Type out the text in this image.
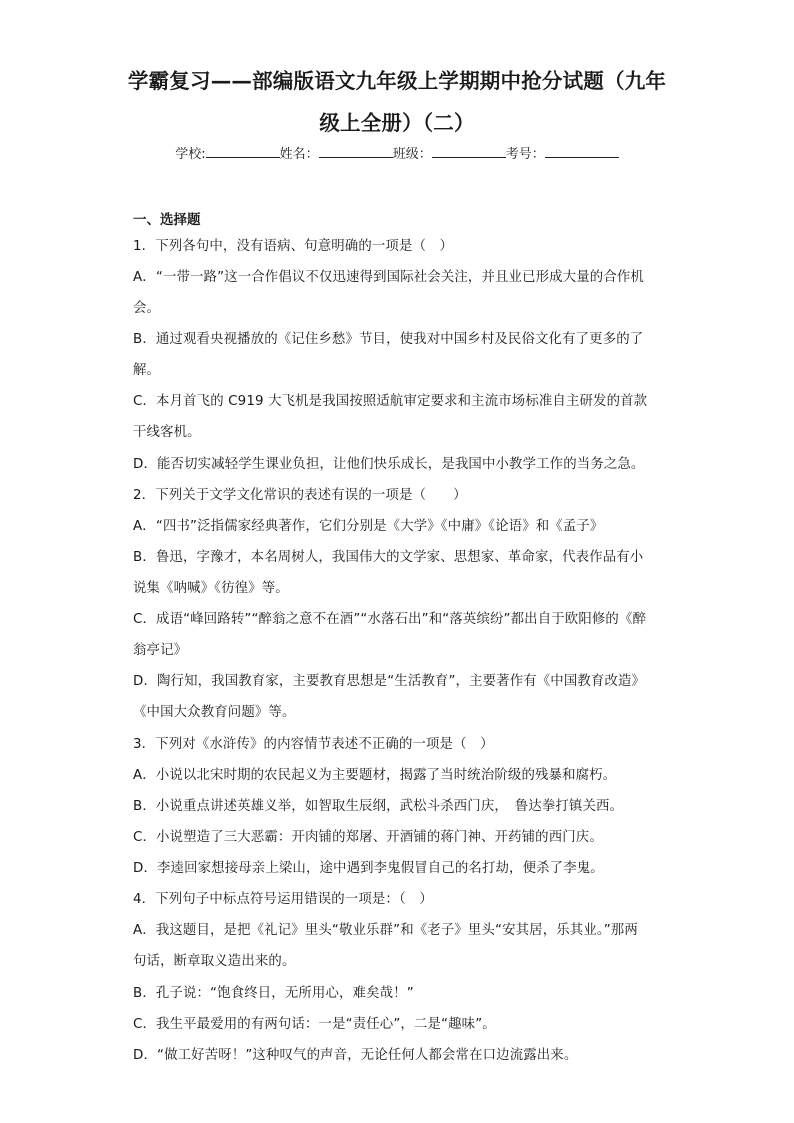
学霸复习——部编版语文九年级上学期期中抢分试题（九年
级上全册）（二）
学校:	姓名：	班级：	考号：
一、选择题
1．下列各句中，没有语病、句意明确的一项是（　）
A．“一带一路”这一合作倡议不仅迅速得到国际社会关注，并且业已形成大量的合作机
会。
B．通过观看央视播放的《记住乡愁》节目，使我对中国乡村及民俗文化有了更多的了
解。
C．本月首飞的 C919 大飞机是我国按照适航审定要求和主流市场标准自主研发的首款
干线客机。
D．能否切实减轻学生课业负担，让他们快乐成长，是我国中小教学工作的当务之急。
2．下列关于文学文化常识的表述有误的一项是（　　）
A．“四书”泛指儒家经典著作，它们分别是《大学》《中庸》《论语》和《孟子》
B．鲁迅，字豫才，本名周树人，我国伟大的文学家、思想家、革命家，代表作品有小
说集《呐喊》《彷徨》等。
C．成语“峰回路转”“醉翁之意不在酒”“水落石出”和“落英缤纷”都出自于欧阳修的《醉
翁亭记》
D．陶行知，我国教育家，主要教育思想是“生活教育”，主要著作有《中国教育改造》
《中国大众教育问题》等。
3．下列对《水浒传》的内容情节表述不正确的一项是（　）
A．小说以北宋时期的农民起义为主要题材，揭露了当时统治阶级的残暴和腐朽。
B．小说重点讲述英雄义举，如智取生辰纲，武松斗杀西门庆，　鲁达拳打镇关西。
C．小说塑造了三大恶霸：开肉铺的郑屠、开酒铺的蒋门神、开药铺的西门庆。
D．李逵回家想接母亲上梁山，途中遇到李鬼假冒自己的名打劫，便杀了李鬼。
4．下列句子中标点符号运用错误的一项是：（　）
A．我这题目，是把《礼记》里头“敬业乐群”和《老子》里头“安其居，乐其业。”那两
句话，断章取义造出来的。
B．孔子说：“饱食终日，无所用心，难矣哉！”
C．我生平最爱用的有两句话：一是“责任心”，二是“趣味”。
D．“做工好苦呀！”这种叹气的声音，无论任何人都会常在口边流露出来。
